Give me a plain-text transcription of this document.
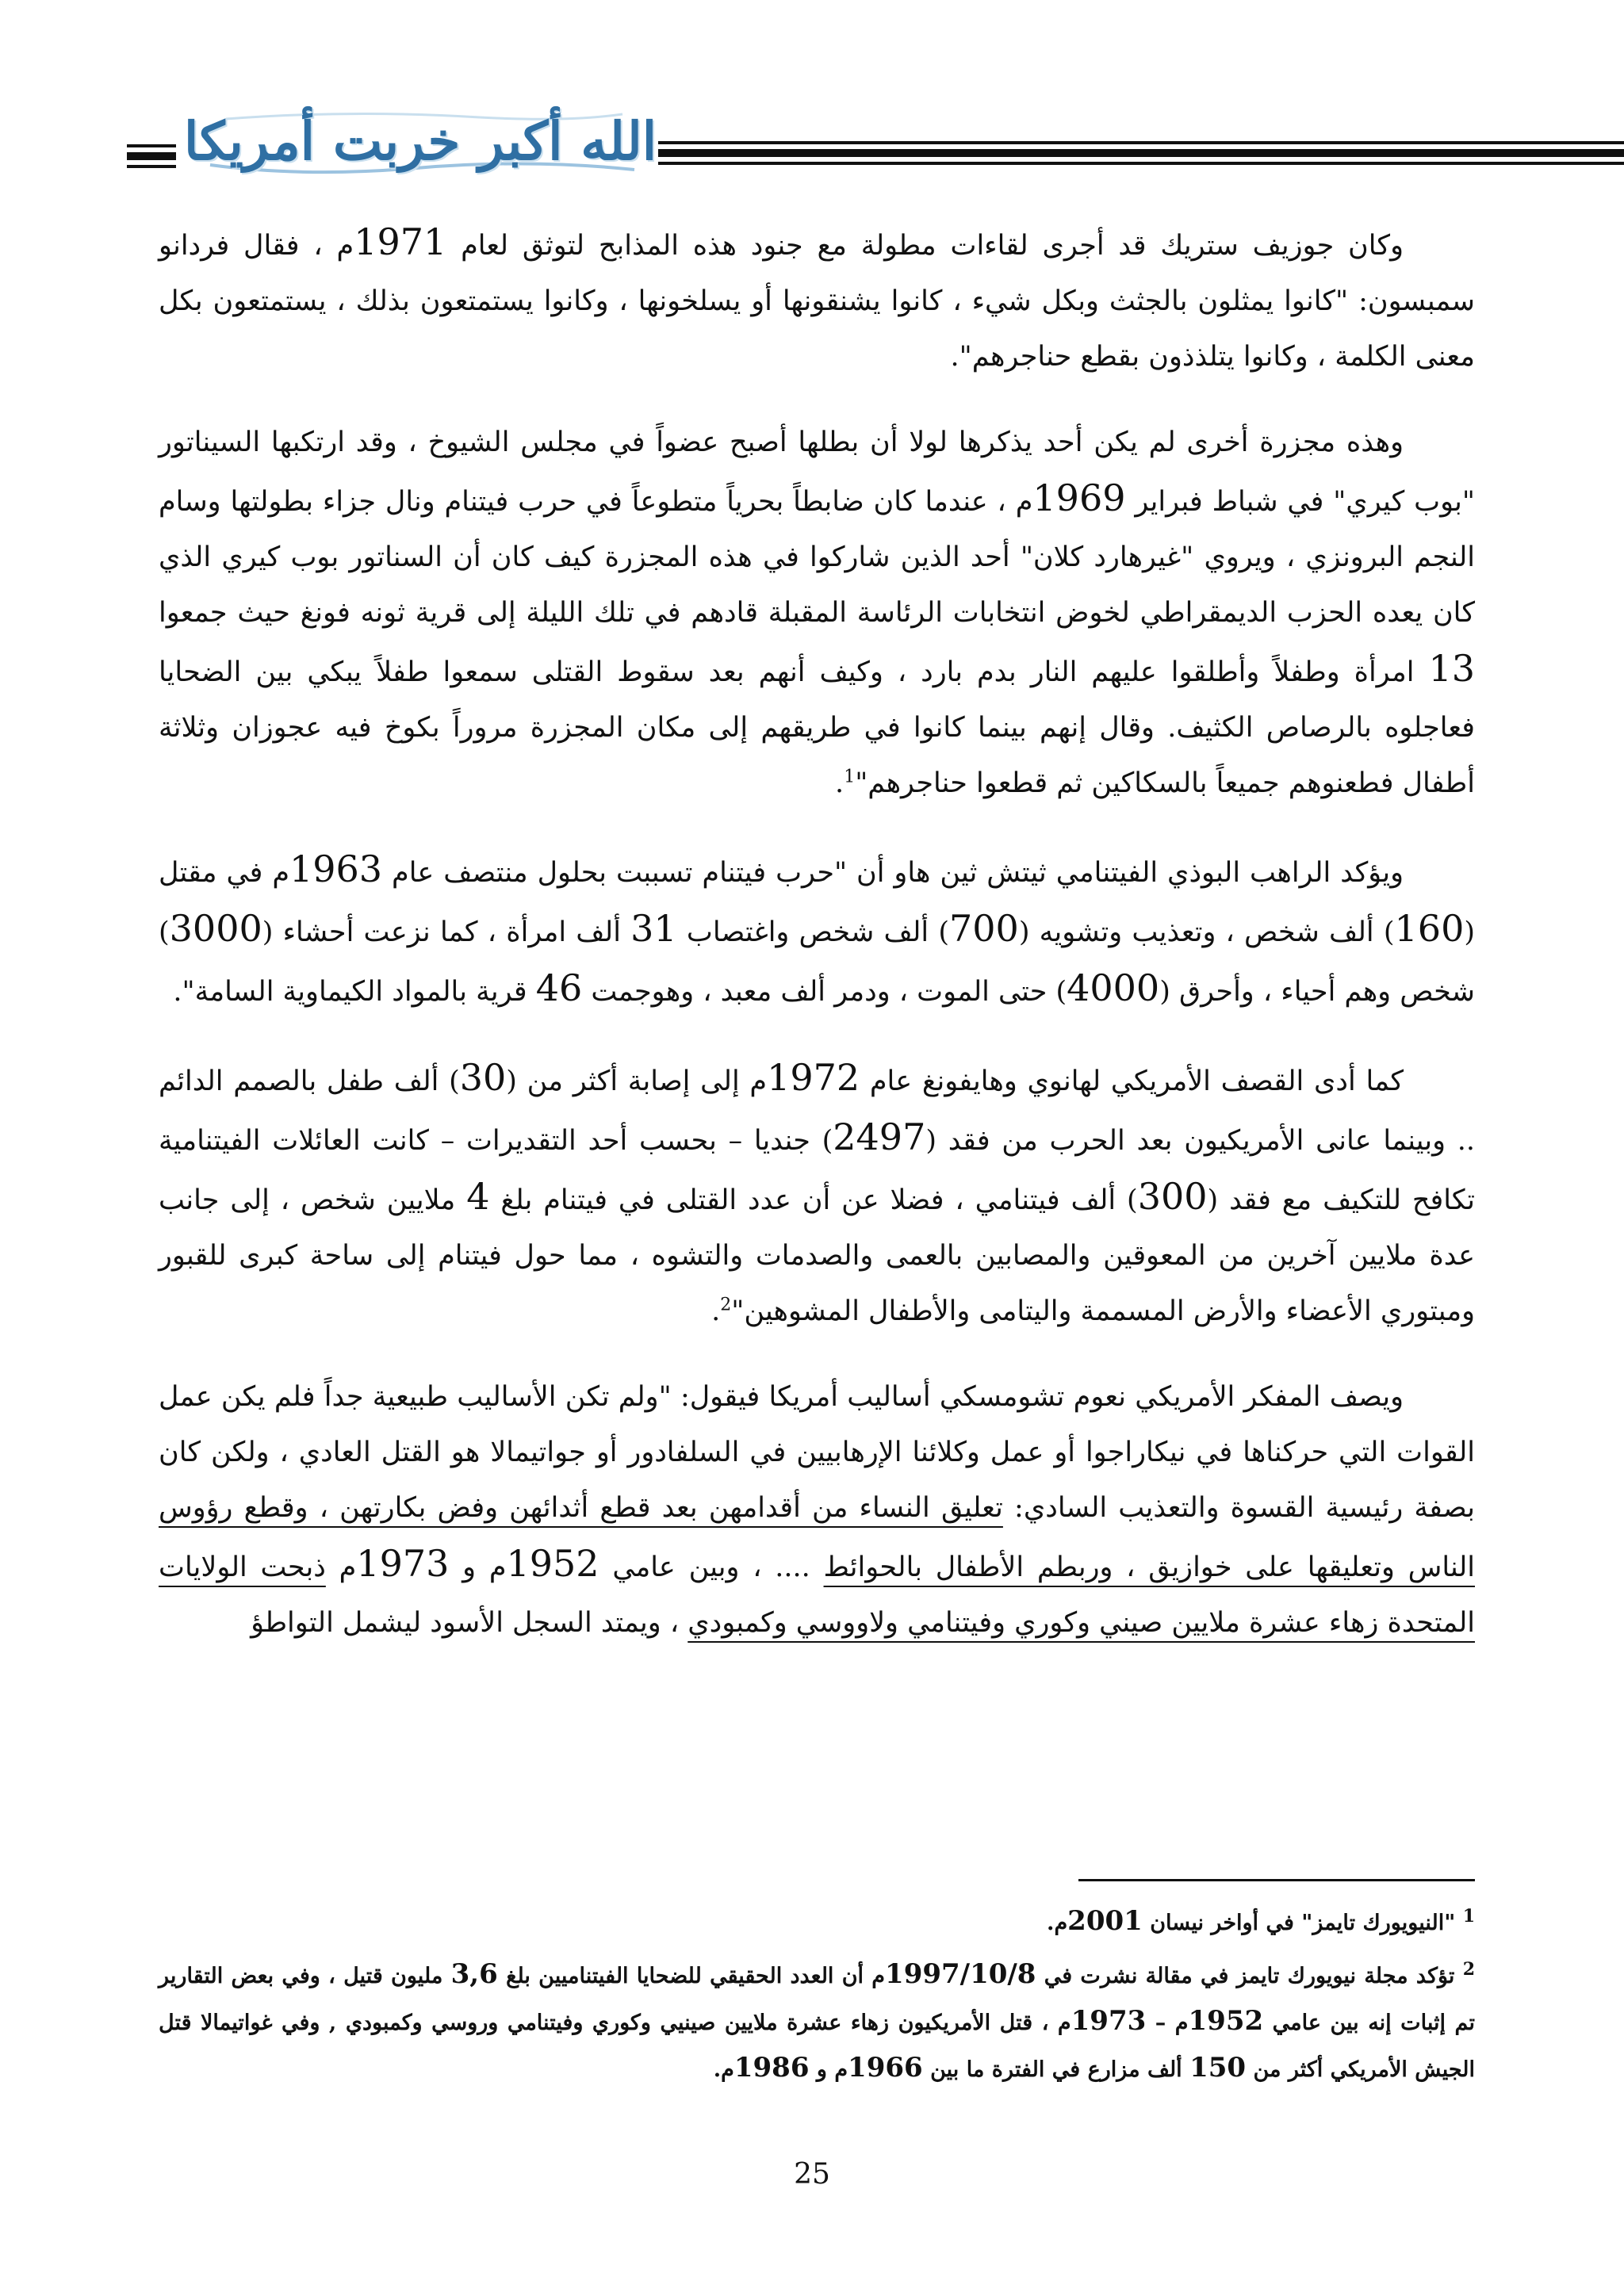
الله أكبر خربت أمريكا

وكان جوزيف ستريك قد أجرى لقاءات مطولة مع جنود هذه المذابح لتوثق لعام 1971م ، فقال فردانو سمبسون: "كانوا يمثلون بالجثث وبكل شيء ، كانوا يشنقونها أو يسلخونها ، وكانوا يستمتعون بذلك ، يستمتعون بكل معنى الكلمة ، وكانوا يتلذذون بقطع حناجرهم".

وهذه مجزرة أخرى لم يكن أحد يذكرها لولا أن بطلها أصبح عضواً في مجلس الشيوخ ، وقد ارتكبها السيناتور "بوب كيري" في شباط فبراير 1969م ، عندما كان ضابطاً بحرياً متطوعاً في حرب فيتنام ونال جزاء بطولتها وسام النجم البرونزي ، ويروي "غيرهارد كلان" أحد الذين شاركوا في هذه المجزرة كيف كان أن السناتور بوب كيري الذي كان يعده الحزب الديمقراطي لخوض انتخابات الرئاسة المقبلة قادهم في تلك الليلة إلى قرية ثونه فونغ حيث جمعوا 13 امرأة وطفلاً وأطلقوا عليهم النار بدم بارد ، وكيف أنهم بعد سقوط القتلى سمعوا طفلاً يبكي بين الضحايا فعاجلوه بالرصاص الكثيف. وقال إنهم بينما كانوا في طريقهم إلى مكان المجزرة مروراً بكوخ فيه عجوزان وثلاثة أطفال فطعنوهم جميعاً بالسكاكين ثم قطعوا حناجرهم"$^1$.

ويؤكد الراهب البوذي الفيتنامي ثيتش ثين هاو أن "حرب فيتنام تسببت بحلول منتصف عام 1963م في مقتل (160) ألف شخص ، وتعذيب وتشويه (700) ألف شخص واغتصاب 31 ألف امرأة ، كما نزعت أحشاء (3000) شخص وهم أحياء ، وأحرق (4000) حتى الموت ، ودمر ألف معبد ، وهوجمت 46 قرية بالمواد الكيماوية السامة".

كما أدى القصف الأمريكي لهانوي وهايفونغ عام 1972م إلى إصابة أكثر من (30) ألف طفل بالصمم الدائم .. وبينما عانى الأمريكيون بعد الحرب من فقد (2497) جنديا – بحسب أحد التقديرات – كانت العائلات الفيتنامية تكافح للتكيف مع فقد (300) ألف فيتنامي ، فضلا عن أن عدد القتلى في فيتنام بلغ 4 ملايين شخص ، إلى جانب عدة ملايين آخرين من المعوقين والمصابين بالعمى والصدمات والتشوه ، مما حول فيتنام إلى ساحة كبرى للقبور ومبتوري الأعضاء والأرض المسممة واليتامى والأطفال المشوهين"$^2$.

ويصف المفكر الأمريكي نعوم تشومسكي أساليب أمريكا فيقول: "ولم تكن الأساليب طبيعية جداً فلم يكن عمل القوات التي حركناها في نيكاراجوا أو عمل وكلائنا الإرهابيين في السلفادور أو جواتيمالا هو القتل العادي ، ولكن كان بصفة رئيسية القسوة والتعذيب السادي: تعليق النساء من أقدامهن بعد قطع أثدائهن وفض بكارتهن ، وقطع رؤوس الناس وتعليقها على خوازيق ، وربطم الأطفال بالحوائط .... ، وبين عامي 1952م و 1973م ذبحت الولايات المتحدة زهاء عشرة ملايين صيني وكوري وفيتنامي ولاووسي وكمبودي ، ويمتد السجل الأسود ليشمل التواطؤ

$^1$ "النيويورك تايمز" في أواخر نيسان 2001م.

$^2$ تؤكد مجلة نيويورك تايمز في مقالة نشرت في 1997/10/8م أن العدد الحقيقي للضحايا الفيتناميين بلغ 3,6 مليون قتيل ، وفي بعض التقارير تم إثبات إنه بين عامي 1952م – 1973م ، قتل الأمريكيون زهاء عشرة ملايين صينيي وكوري وفيتنامي وروسي وكمبودي , وفي غواتيمالا قتل الجيش الأمريكي أكثر من 150 ألف مزارع في الفترة ما بين 1966م و 1986م.

25
